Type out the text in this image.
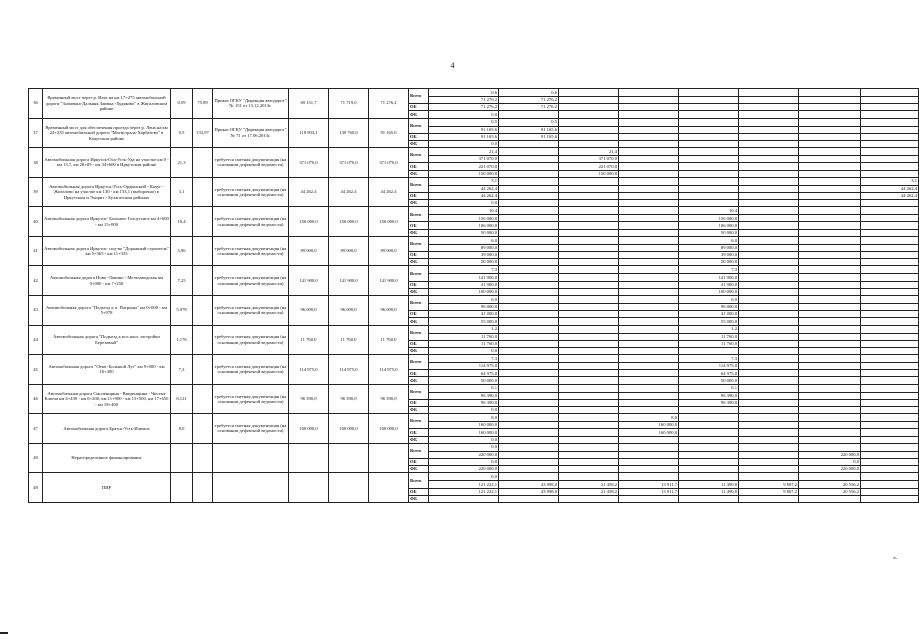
4
36	Временный мост через р. Иата на км 17+275 автомобильной дороги "Залменка-Дальняя Заимка -Худяково" в Жигаловском районе	0,59	75,89	Приказ ОГКУ "Дирекция автодорог" № 151 от 13.12.2013г.	69 151,7	71 719,0	71 276,2	Всего	0,6	0,6						
									71 276,2	71 276,2						
								ОБ	71 276,2	71 276,2						
								ФБ	0,0							
37	Временный мост для обеспечения проезда через р. Лена на км 24+235 автомобильной дороги "Магистраль-Харбатово" в Качугском районе	0,5	133,97	Приказ ОГКУ "Дирекция автодорог" № 71 от 17.06.2013г.	118 903,1	130 760,6	91 165,6	Всего	0,5	0,5						
									91 165,6	91 165,6						
								ОБ	91 165,6	91 165,6						
								ФБ	0,0							
38	Автомобильная дорога Иркутск-Оса-Усть-Уда на участке км 0 - км 13,7, км 28+09 - км 34+600 в Иркутском районе	21,3		требуется сметная документация (на основании дефектной ведомости)	371 070,0	371 070,0	371 070,0	Всего	21,4		21,4					
									371 070,0		371 070,0					
								ОБ	221 070,0		221 070,0					
								ФБ	150 000,0		150 000,0					
39	Автомобильная дорога Иркутск-Усть-Ордынский - Качуг - Жигалово на участке км 130 - км 133,1 (выборочно) в Иркутском и Эхирит - Булагатском районах	3,1		требуется сметная документация (на основании дефектной ведомости)	44 262,4	44 262,4	44 262,4	Всего	3,1							3,1
									44 262,4							44 262,4
								ОБ	44 262,4							44 262,4
								ФБ	0,0							
40	Автомобильная дорога Иркутск- Большое Голоустное км 4+600 - км 15+000	10,4		требуется сметная документация (на основании дефектной ведомости)	156 000,0	156 000,0	156 000,0	Всего	10,4				10,4			
									156 000,0				156 000,0			
								ОБ	106 000,0				106 000,0			
								ФБ	50 000,0				50 000,0			
41	Автомобильная дорога Иркутск- под-во "Дорожный строитель" км 5+365 - км 11+335	5,96		требуется сметная документация (на основании дефектной ведомости)	89 000,0	89 000,0	89 000,0	Всего	6,0				6,0			
									89 000,0				89 000,0			
								ОБ	39 000,0				39 000,0			
								ФБ	50 000,0				50 000,0			
42	Автомобильная дорога Ново -Ленино - Мельзаводская км 0+000 - км 7+250	7,25		требуется сметная документация (на основании дефектной ведомости)	141 900,0	141 900,0	141 900,0	Всего	7,3				7,3			
									141 900,0				141 900,0			
								ОБ	41 900,0				41 900,0			
								ФБ	100 000,0				100 000,0			
43	Автомобильная дорога "Подъезд к п. Патроны" км 0+000 - км 5+978	5,978		требуется сметная документация (на основании дефектной ведомости)	96 000,0	96 000,0	96 000,0	Всего	6,0				6,0			
									96 000,0				96 000,0			
								ОБ	41 000,0				41 000,0			
								ФБ	55 000,0				55 000,0			
44	Автомобильная дорога "Подъезд к пос.жил. застройки Березовый"	1,176		требуется сметная документация (на основании дефектной ведомости)	11 760,0	11 760,0	11 760,0	Всего	1,2				1,2			
									11 760,0				11 760,0			
								ОБ	11 760,0				11 760,0			
								ФБ	0,0							
45	Автомобильная дорога "Оека -Большой Луг" км 9+000 - км 16+300	7,3		требуется сметная документация (на основании дефектной ведомости)	114 975,0	114 975,0	114 975,0	Всего	7,3				7,3			
									114 975,0				114 975,0			
								ОБ	64 975,0				64 975,0			
								ФБ	50 000,0				50 000,0			
46	Автомобильная дорога Смоленщина - Введенщина - Чистые Ключи км 4+439 - км 6+200, км 11+900 - км 15+500, км 17+650 - км 18+400	6,121		требуется сметная документация (на основании дефектной ведомости)	96 390,0	96 390,0	96 390,0	Всего	6,1				6,1			
									96 390,0				96 390,0			
								ОБ	96 390,0				96 390,0			
								ФБ	0,0							
47	Автомобильная дорога Братск-Усть-Илимск	8,0		требуется сметная документация (на основании дефектной ведомости)	160 000,0	160 000,0	160 000,0	Всего	8,0			8,0				
									160 000,0			160 000,0				
								ОБ	160 000,0			160 000,0				
								ФБ	0,0							
48	Нераспределенное финансирование							Всего	0,0							
									220 000,0						220 000,0	
								ОБ	0,0						0,0	
								ФБ	220 000,0						220 000,0	
48	ПИР							Всего	0,0							
									121 222,1	43 998,0	21 458,2	13 911,7	11 490,8	9 807,2	20 556,2	
								ОБ	121 222,1	43 998,0	21 458,2	13 911,7	11 490,8	9 807,2	20 556,2	
								ФБ								
».
